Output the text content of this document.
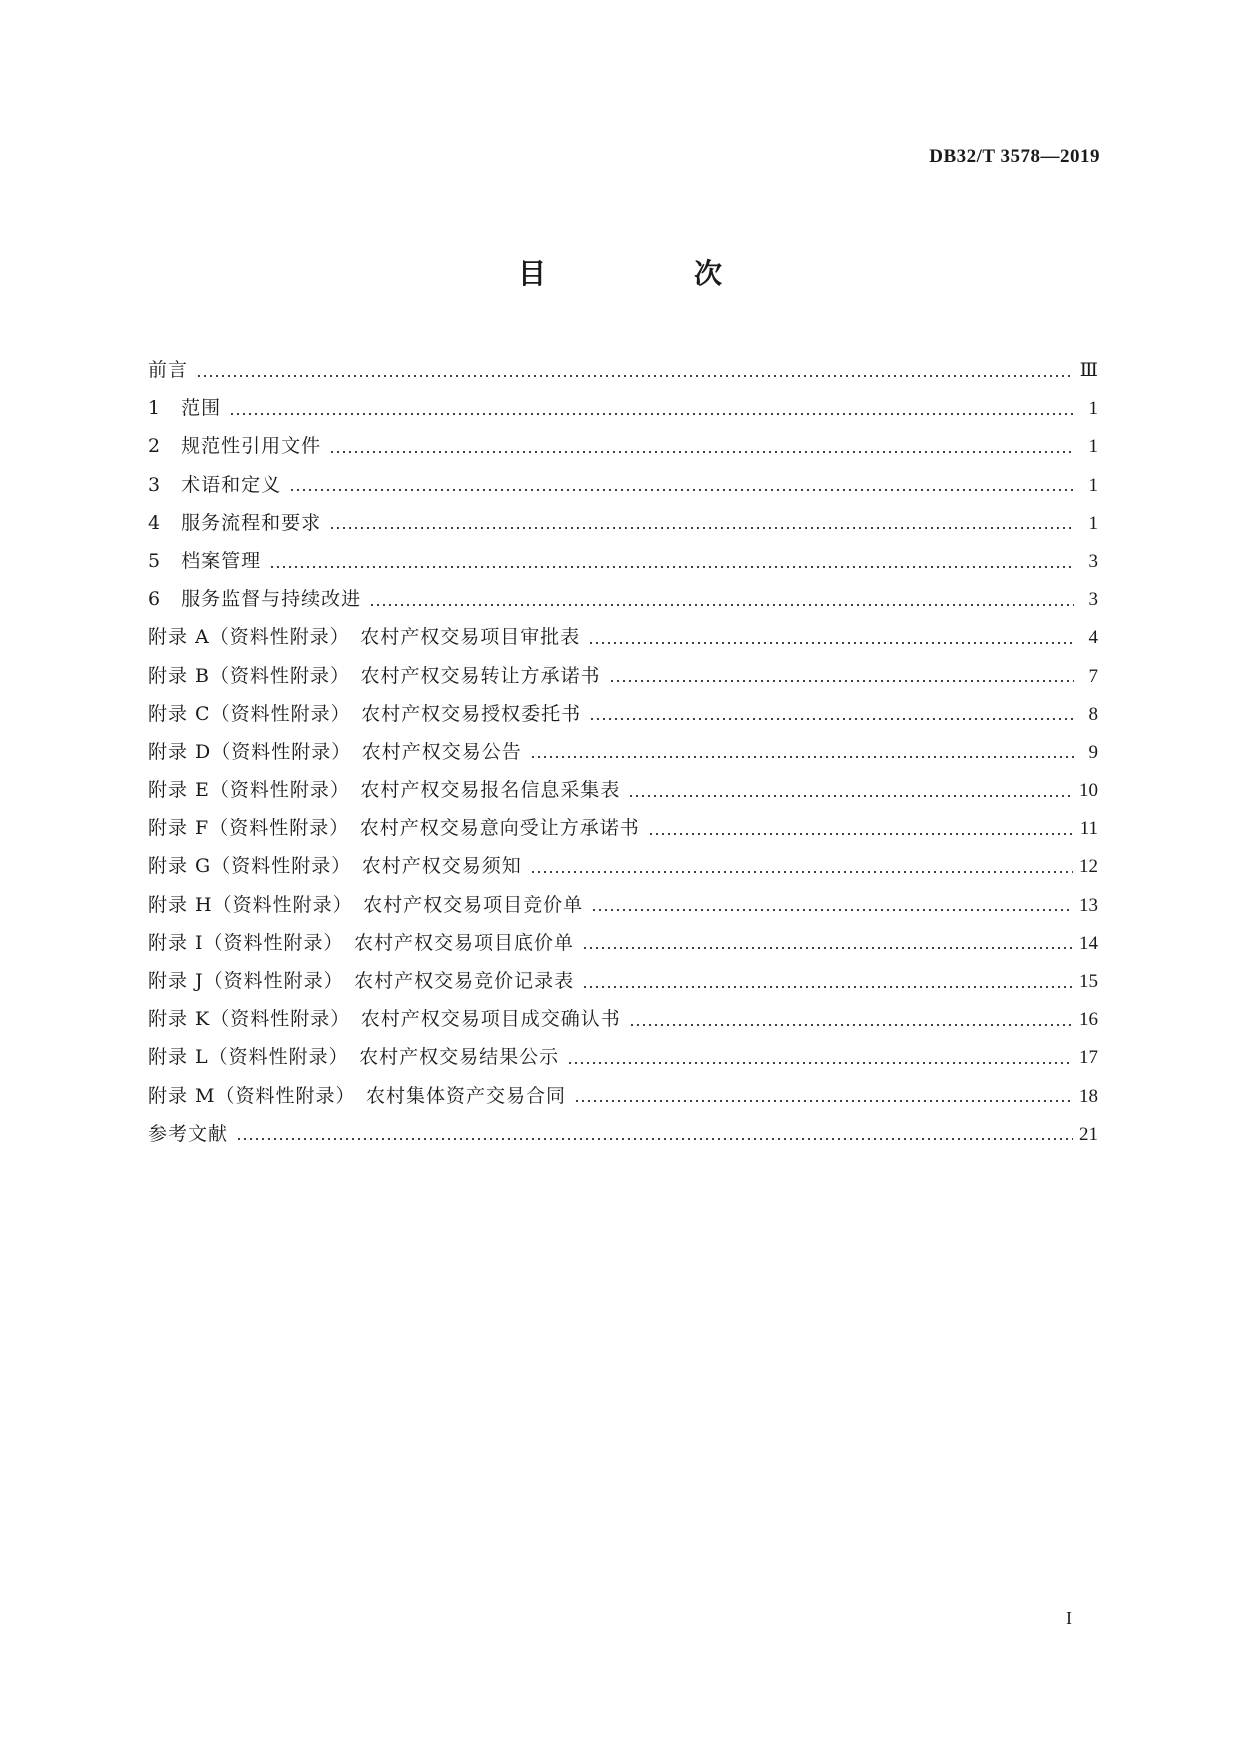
DB32/T 3578—2019
目　次
前言	Ⅲ
1　范围	1
2　规范性引用文件	1
3　术语和定义	1
4　服务流程和要求	1
5　档案管理	3
6　服务监督与持续改进	3
附录 A（资料性附录）　农村产权交易项目审批表	4
附录 B（资料性附录）　农村产权交易转让方承诺书	7
附录 C（资料性附录）　农村产权交易授权委托书	8
附录 D（资料性附录）　农村产权交易公告	9
附录 E（资料性附录）　农村产权交易报名信息采集表	10
附录 F（资料性附录）　农村产权交易意向受让方承诺书	11
附录 G（资料性附录）　农村产权交易须知	12
附录 H（资料性附录）　农村产权交易项目竞价单	13
附录 I（资料性附录）　农村产权交易项目底价单	14
附录 J（资料性附录）　农村产权交易竞价记录表	15
附录 K（资料性附录）　农村产权交易项目成交确认书	16
附录 L（资料性附录）　农村产权交易结果公示	17
附录 M（资料性附录）　农村集体资产交易合同	18
参考文献	21
I
